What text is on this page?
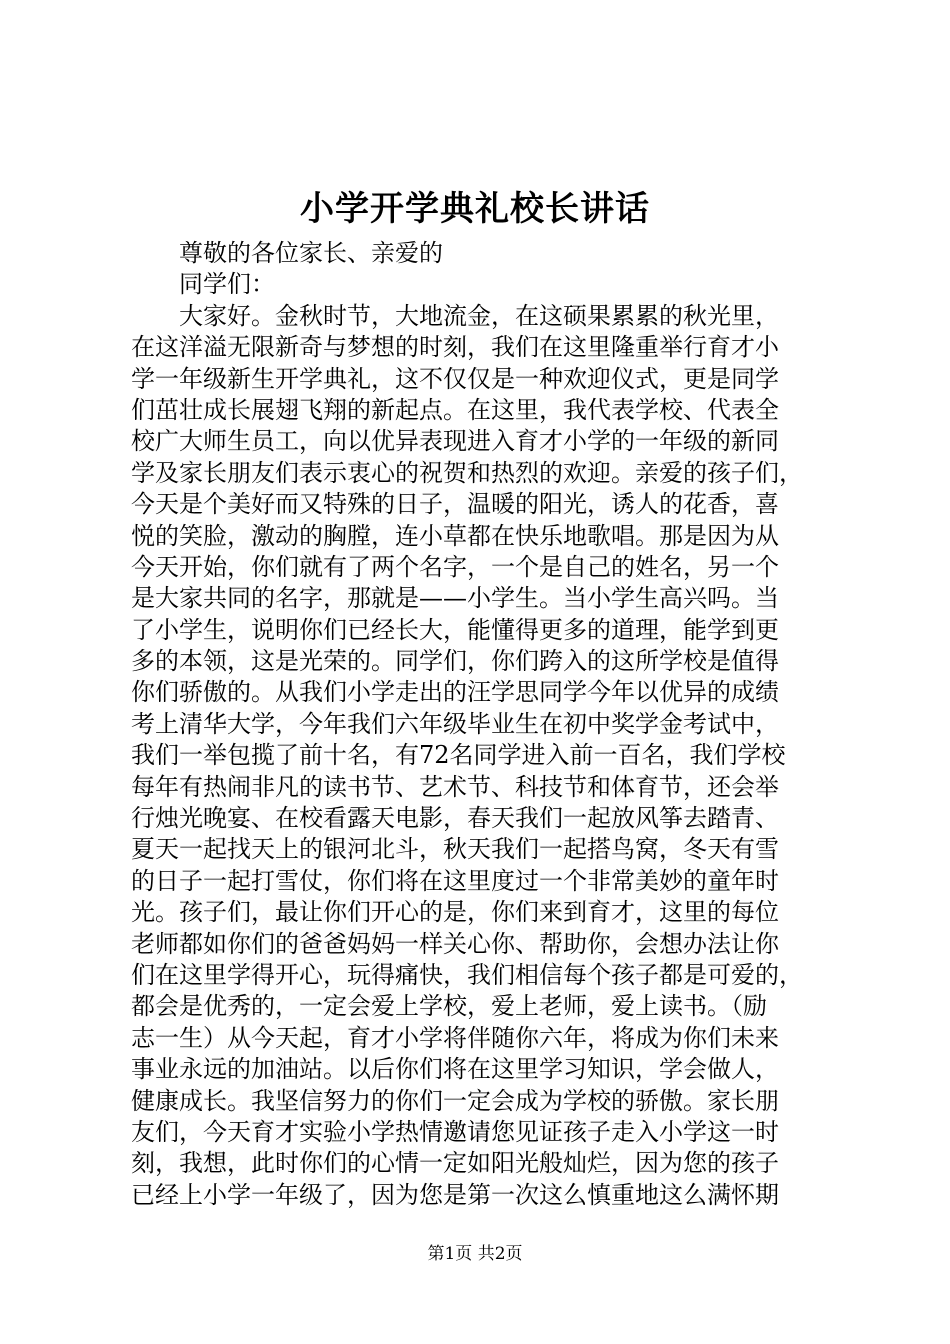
小学开学典礼校长讲话
尊敬的各位家长、亲爱的
同学们：
大家好。金秋时节，大地流金，在这硕果累累的秋光里，
在这洋溢无限新奇与梦想的时刻，我们在这里隆重举行育才小
学一年级新生开学典礼，这不仅仅是一种欢迎仪式，更是同学
们茁壮成长展翅飞翔的新起点。在这里，我代表学校、代表全
校广大师生员工，向以优异表现进入育才小学的一年级的新同
学及家长朋友们表示衷心的祝贺和热烈的欢迎。亲爱的孩子们，
今天是个美好而又特殊的日子，温暖的阳光，诱人的花香，喜
悦的笑脸，激动的胸膛，连小草都在快乐地歌唱。那是因为从
今天开始，你们就有了两个名字，一个是自己的姓名，另一个
是大家共同的名字，那就是——小学生。当小学生高兴吗。当
了小学生，说明你们已经长大，能懂得更多的道理，能学到更
多的本领，这是光荣的。同学们，你们跨入的这所学校是值得
你们骄傲的。从我们小学走出的汪学思同学今年以优异的成绩
考上清华大学，今年我们六年级毕业生在初中奖学金考试中，
我们一举包揽了前十名，有72名同学进入前一百名，我们学校
每年有热闹非凡的读书节、艺术节、科技节和体育节，还会举
行烛光晚宴、在校看露天电影，春天我们一起放风筝去踏青、
夏天一起找天上的银河北斗，秋天我们一起搭鸟窝，冬天有雪
的日子一起打雪仗，你们将在这里度过一个非常美妙的童年时
光。孩子们，最让你们开心的是，你们来到育才，这里的每位
老师都如你们的爸爸妈妈一样关心你、帮助你，会想办法让你
们在这里学得开心，玩得痛快，我们相信每个孩子都是可爱的，
都会是优秀的，一定会爱上学校，爱上老师，爱上读书。（励
志一生）从今天起，育才小学将伴随你六年，将成为你们未来
事业永远的加油站。以后你们将在这里学习知识，学会做人，
健康成长。我坚信努力的你们一定会成为学校的骄傲。家长朋
友们，今天育才实验小学热情邀请您见证孩子走入小学这一时
刻，我想，此时你们的心情一定如阳光般灿烂，因为您的孩子
已经上小学一年级了，因为您是第一次这么慎重地这么满怀期
第1页 共2页
